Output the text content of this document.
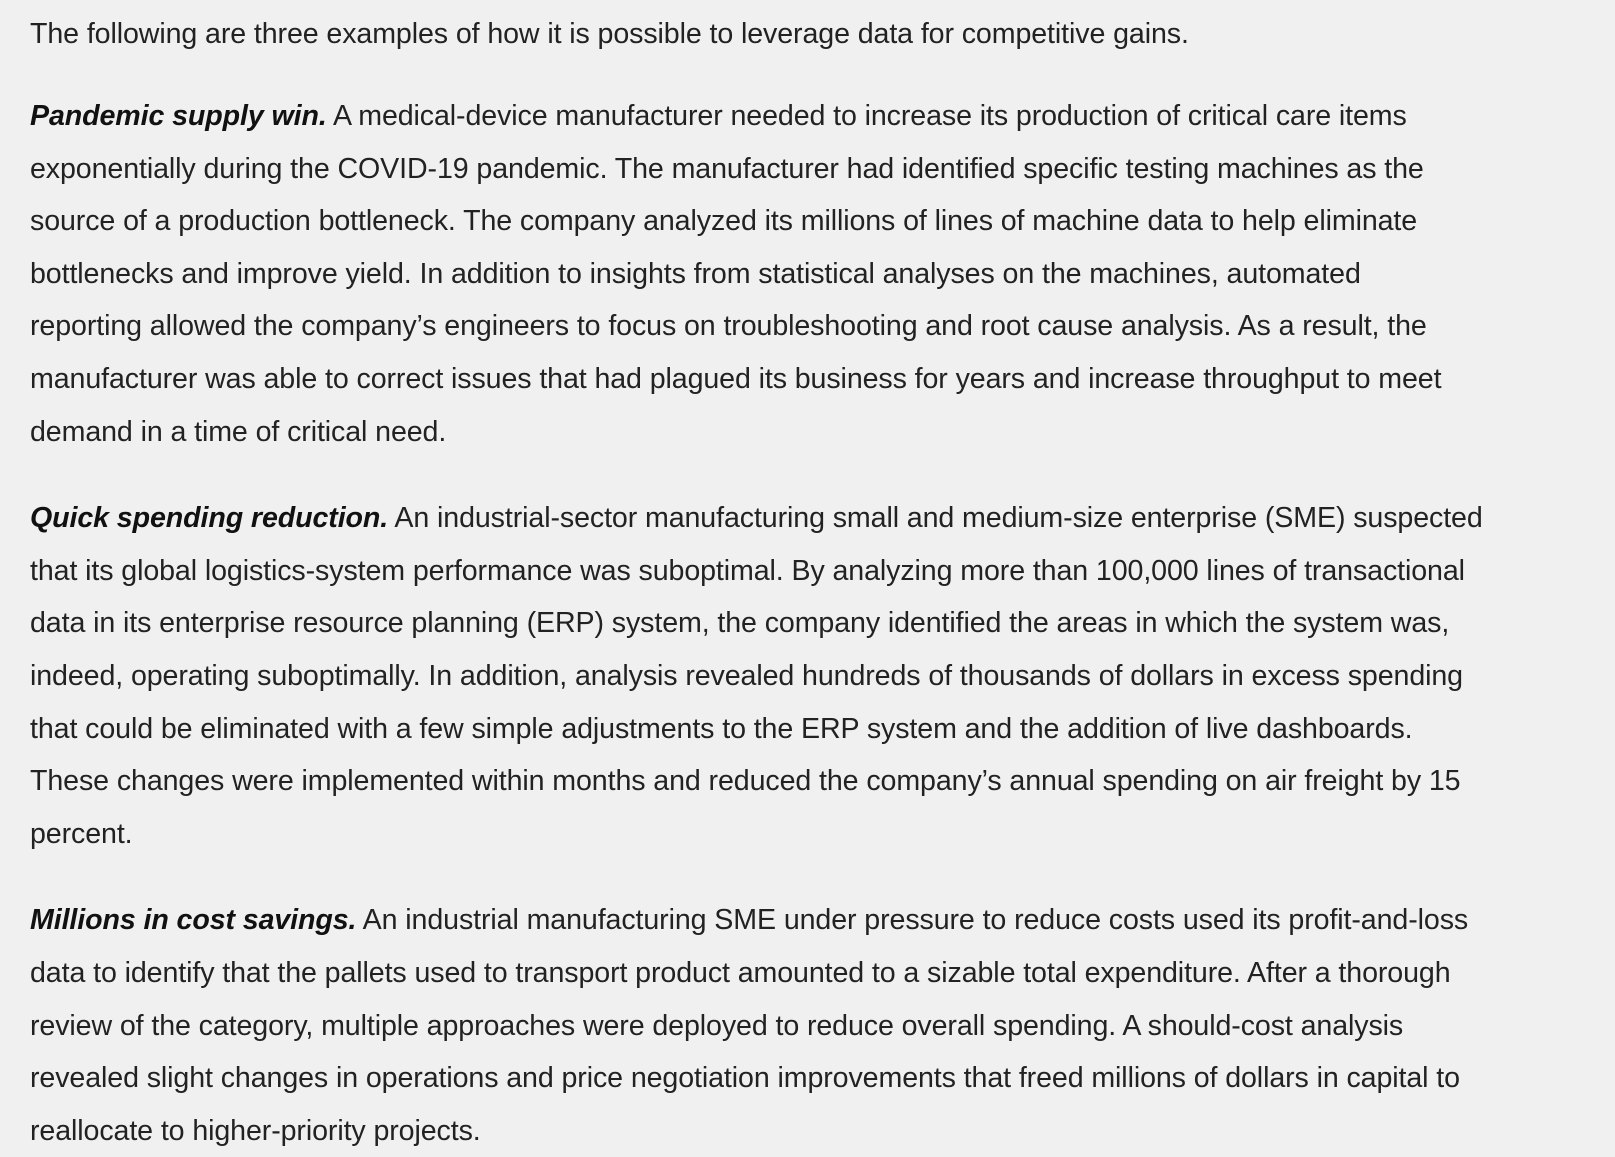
The following are three examples of how it is possible to leverage data for competitive gains.

Pandemic supply win. A medical-device manufacturer needed to increase its production of critical care items
exponentially during the COVID-19 pandemic. The manufacturer had identified specific testing machines as the
source of a production bottleneck. The company analyzed its millions of lines of machine data to help eliminate
bottlenecks and improve yield. In addition to insights from statistical analyses on the machines, automated
reporting allowed the company’s engineers to focus on troubleshooting and root cause analysis. As a result, the
manufacturer was able to correct issues that had plagued its business for years and increase throughput to meet
demand in a time of critical need.

Quick spending reduction. An industrial-sector manufacturing small and medium-size enterprise (SME) suspected
that its global logistics-system performance was suboptimal. By analyzing more than 100,000 lines of transactional
data in its enterprise resource planning (ERP) system, the company identified the areas in which the system was,
indeed, operating suboptimally. In addition, analysis revealed hundreds of thousands of dollars in excess spending
that could be eliminated with a few simple adjustments to the ERP system and the addition of live dashboards.
These changes were implemented within months and reduced the company’s annual spending on air freight by 15
percent.

Millions in cost savings. An industrial manufacturing SME under pressure to reduce costs used its profit-and-loss
data to identify that the pallets used to transport product amounted to a sizable total expenditure. After a thorough
review of the category, multiple approaches were deployed to reduce overall spending. A should-cost analysis
revealed slight changes in operations and price negotiation improvements that freed millions of dollars in capital to
reallocate to higher-priority projects.
